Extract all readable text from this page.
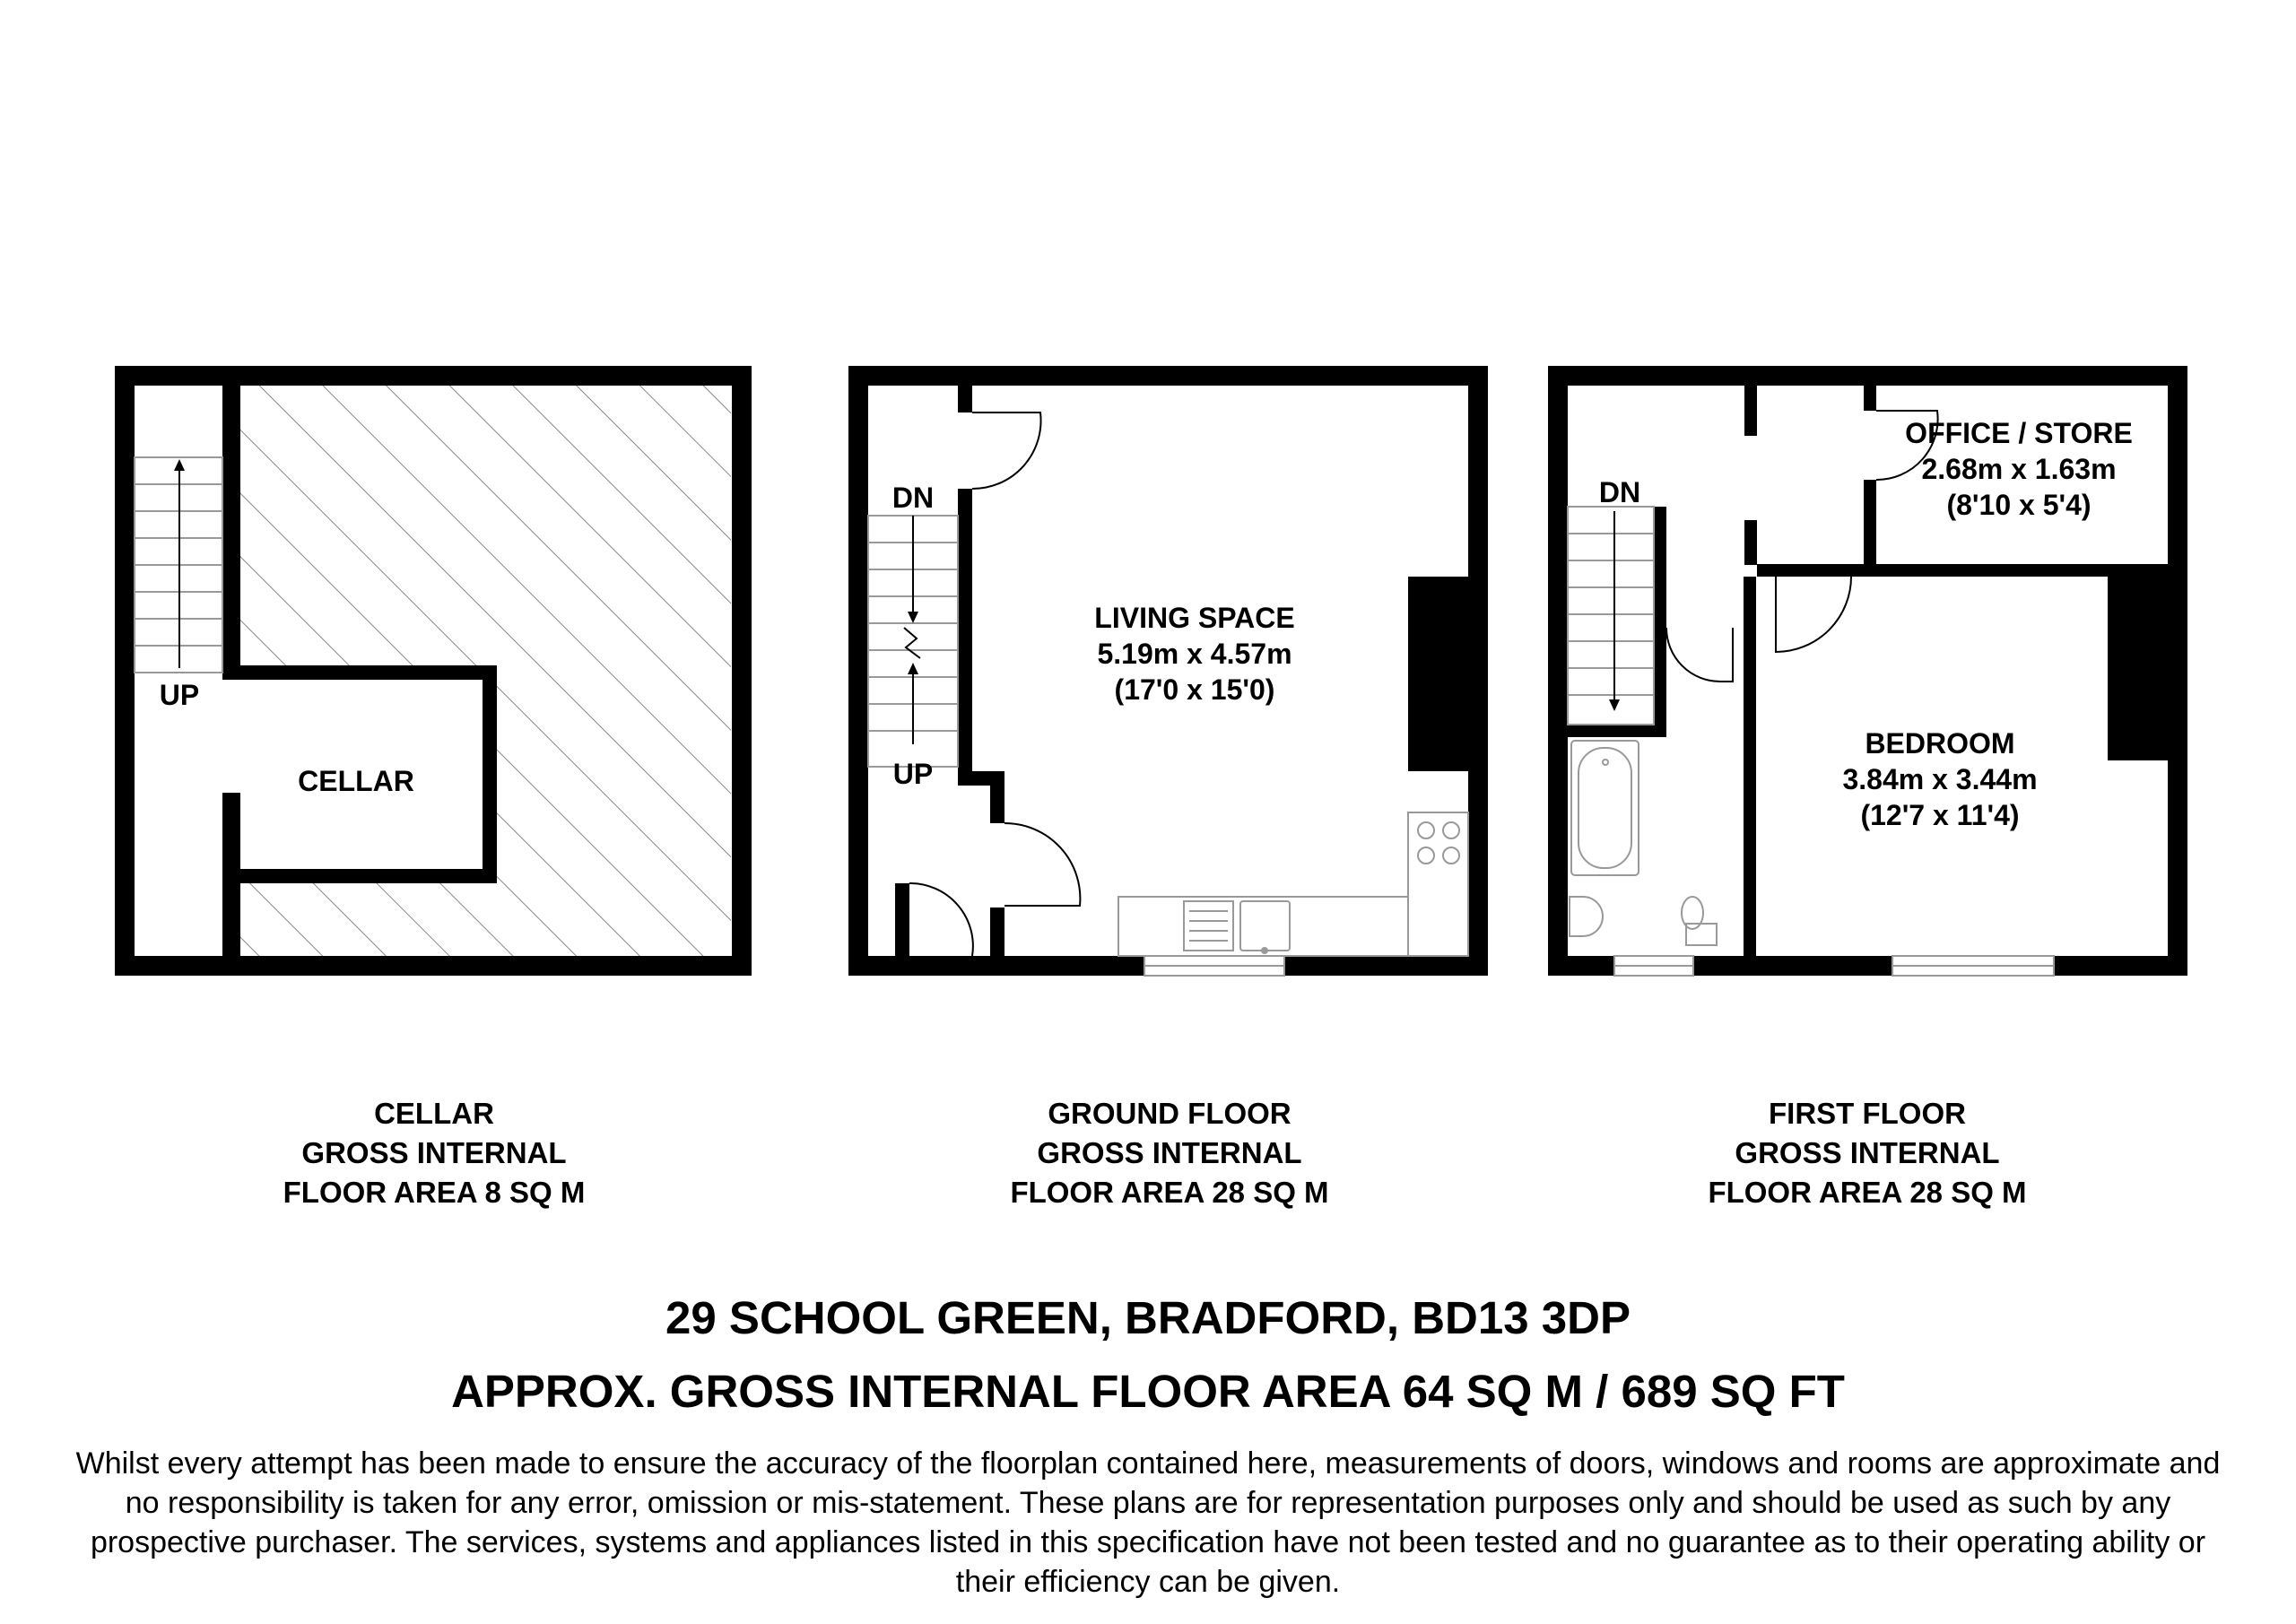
UP
CELLAR
DN
UP
LIVING SPACE
5.19m x 4.57m
(17'0 x 15'0)
DN
OFFICE / STORE
2.68m x 1.63m
(8'10 x 5'4)
BEDROOM
3.84m x 3.44m
(12'7 x 11'4)
CELLAR
GROSS INTERNAL
FLOOR AREA 8 SQ M
GROUND FLOOR
GROSS INTERNAL
FLOOR AREA 28 SQ M
FIRST FLOOR
GROSS INTERNAL
FLOOR AREA 28 SQ M
29 SCHOOL GREEN, BRADFORD, BD13 3DP
APPROX. GROSS INTERNAL FLOOR AREA 64 SQ M / 689 SQ FT
Whilst every attempt has been made to ensure the accuracy of the floorplan contained here, measurements of doors, windows and rooms are approximate and no responsibility is taken for any error, omission or mis-statement. These plans are for representation purposes only and should be used as such by any prospective purchaser. The services, systems and appliances listed in this specification have not been tested and no guarantee as to their operating ability or their efficiency can be given.
